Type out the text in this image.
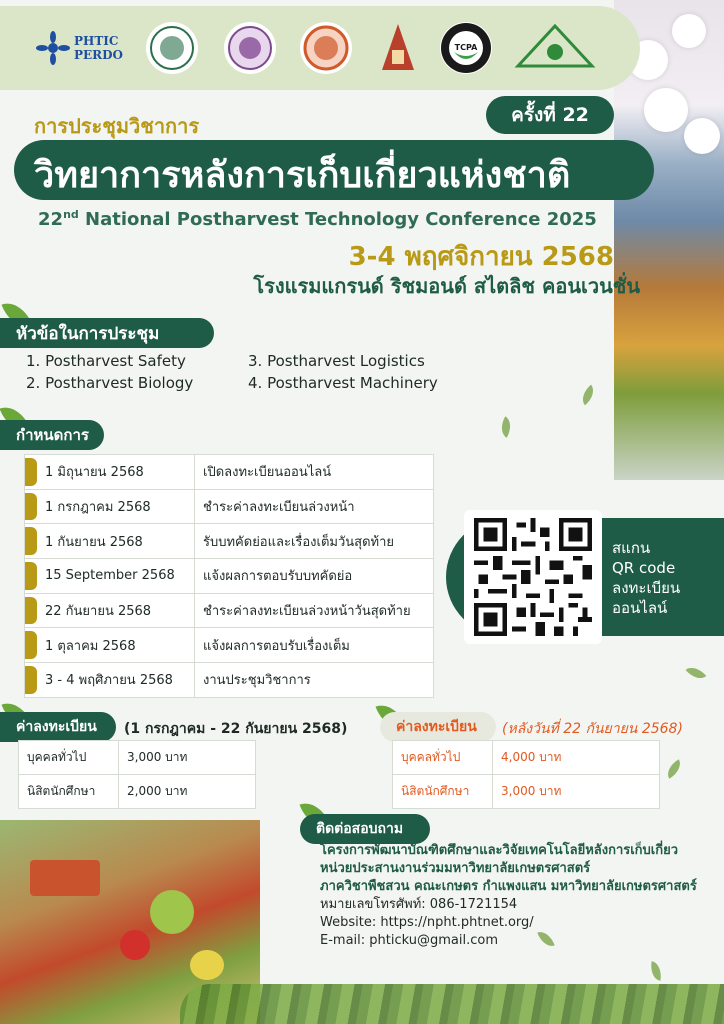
PHTIC
PERDO
TCPA
การประชุมวิชาการ	ครั้งที่ 22
วิทยาการหลังการเก็บเกี่ยวแห่งชาติ
22nd National Postharvest Technology Conference 2025
3-4 พฤศจิกายน 2568
โรงแรมแกรนด์ ริชมอนด์ สไตลิช คอนเวนชั่น
หัวข้อในการประชุม
1. Postharvest Safety	3. Postharvest Logistics
2. Postharvest Biology	4. Postharvest Machinery
กำหนดการ
1 มิถุนายน 2568	เปิดลงทะเบียนออนไลน์

1 กรกฎาคม 2568	ชำระค่าลงทะเบียนล่วงหน้า

1 กันยายน 2568	รับบทคัดย่อและเรื่องเต็มวันสุดท้าย

15 September 2568	แจ้งผลการตอบรับบทคัดย่อ

22 กันยายน 2568	ชำระค่าลงทะเบียนล่วงหน้าวันสุดท้าย

1 ตุลาคม 2568	แจ้งผลการตอบรับเรื่องเต็ม

3 - 4 พฤศิภายน 2568	งานประชุมวิชาการ
สแกน
QR code
ลงทะเบียน
ออนไลน์
ค่าลงทะเบียน	(1 กรกฎาคม - 22 กันยายน 2568)
บุคคลทั่วไป	3,000 บาท
นิสิตนักศึกษา	2,000 บาท
ค่าลงทะเบียน	(หลังวันที่ 22 กันยายน 2568)
บุคคลทั่วไป	4,000 บาท
นิสิตนักศึกษา	3,000 บาท
ติดต่อสอบถาม
โครงการพัฒนาบัณฑิตศึกษาและวิจัยเทคโนโลยีหลังการเก็บเกี่ยว
หน่วยประสานงานร่วมมหาวิทยาลัยเกษตรศาสตร์
ภาควิชาพืชสวน คณะเกษตร กำแพงแสน มหาวิทยาลัยเกษตรศาสตร์
หมายเลขโทรศัพท์: 086-1721154
Website: https://npht.phtnet.org/
E-mail: phticku@gmail.com
